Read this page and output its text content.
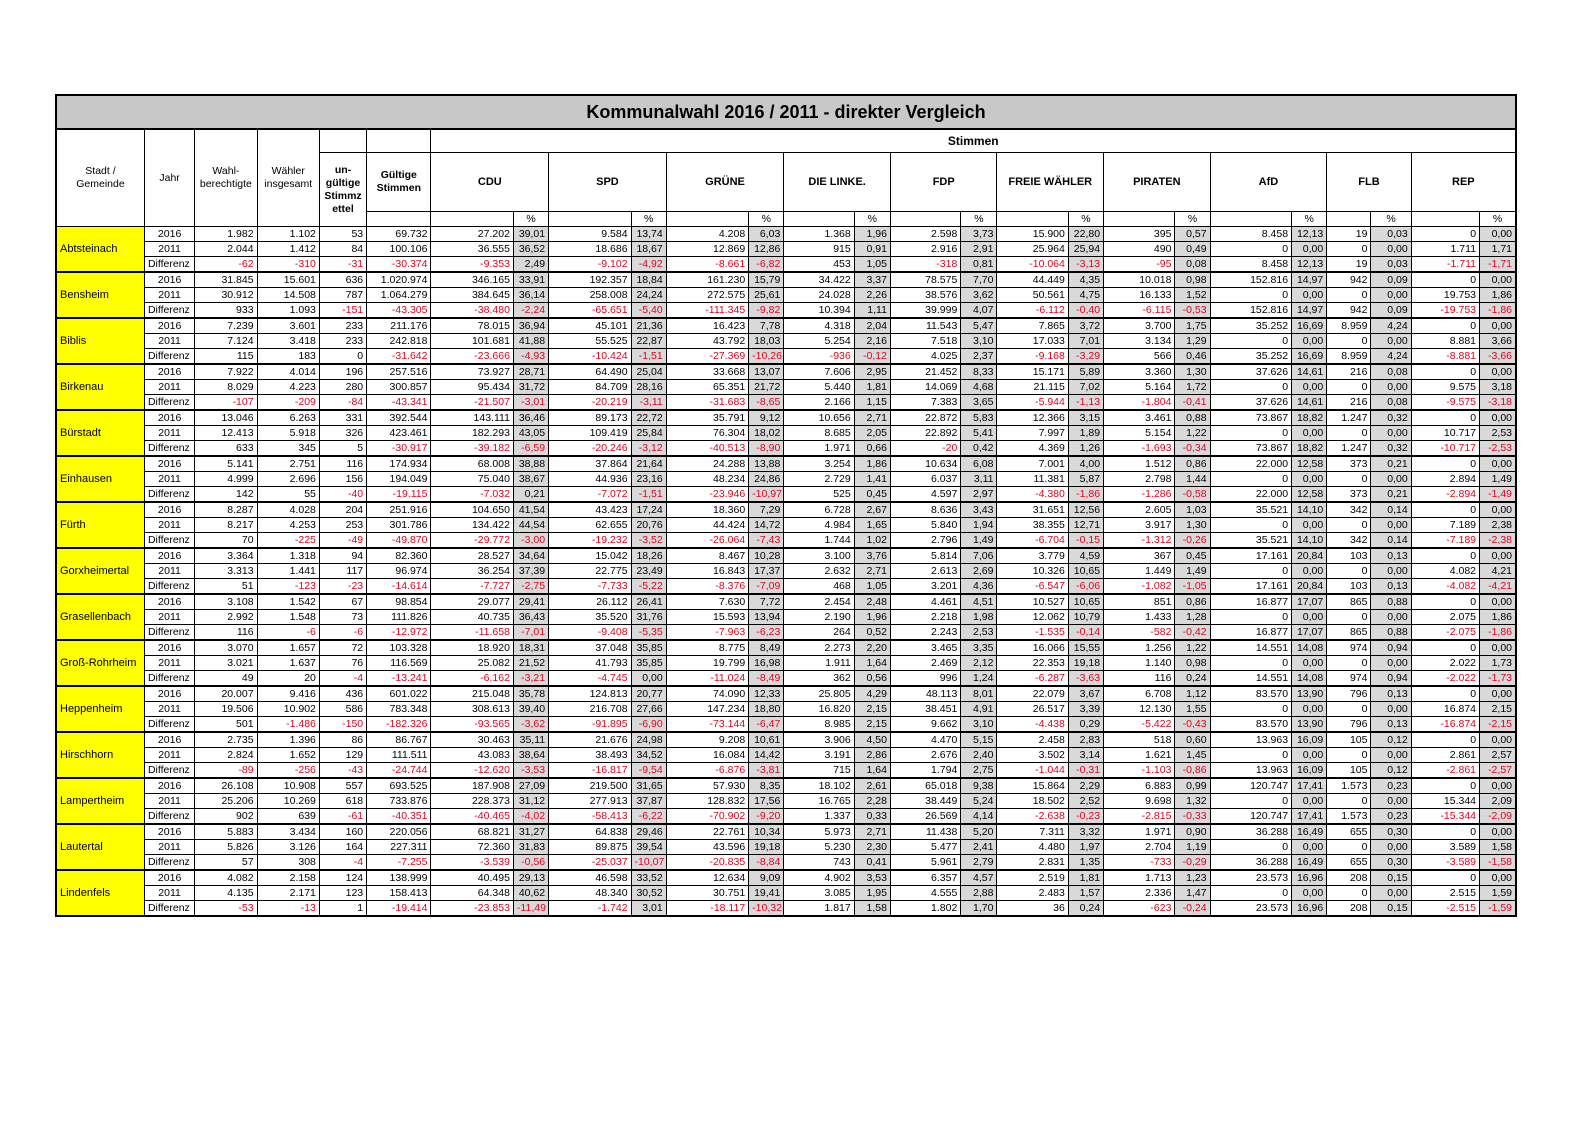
Kommunalwahl 2016 / 2011 - direkter Vergleich																									
Stadt / Gemeinde	Jahr	Wahl-berechtigte	Wähler insgesamt			Stimmen																			
				un-gültige Stimmz ettel	Gültige Stimmen	CDU		SPD		GRÜNE		DIE LINKE.		FDP		FREIE WÄHLER		PIRATEN		AfD		FLB		REP	
							%		%		%		%		%		%		%		%		%		%
Abtsteinach	2016	1.982	1.102	53	69.732	27.202	39,01	9.584	13,74	4.208	6,03	1.368	1,96	2.598	3,73	15.900	22,80	395	0,57	8.458	12,13	19	0,03	0	0,00
	2011	2.044	1.412	84	100.106	36.555	36,52	18.686	18,67	12.869	12,86	915	0,91	2.916	2,91	25.964	25,94	490	0,49	0	0,00	0	0,00	1.711	1,71
	Differenz	-62	-310	-31	-30.374	-9.353	2,49	-9.102	-4,92	-8.661	-6,82	453	1,05	-318	0,81	-10.064	-3,13	-95	0,08	8.458	12,13	19	0,03	-1.711	-1,71
Bensheim	2016	31.845	15.601	636	1.020.974	346.165	33,91	192.357	18,84	161.230	15,79	34.422	3,37	78.575	7,70	44.449	4,35	10.018	0,98	152.816	14,97	942	0,09	0	0,00
	2011	30.912	14.508	787	1.064.279	384.645	36,14	258.008	24,24	272.575	25,61	24.028	2,26	38.576	3,62	50.561	4,75	16.133	1,52	0	0,00	0	0,00	19.753	1,86
	Differenz	933	1.093	-151	-43.305	-38.480	-2,24	-65.651	-5,40	-111.345	-9,82	10.394	1,11	39.999	4,07	-6.112	-0,40	-6.115	-0,53	152.816	14,97	942	0,09	-19.753	-1,86
Biblis	2016	7.239	3.601	233	211.176	78.015	36,94	45.101	21,36	16.423	7,78	4.318	2,04	11.543	5,47	7.865	3,72	3.700	1,75	35.252	16,69	8.959	4,24	0	0,00
	2011	7.124	3.418	233	242.818	101.681	41,88	55.525	22,87	43.792	18,03	5.254	2,16	7.518	3,10	17.033	7,01	3.134	1,29	0	0,00	0	0,00	8.881	3,66
	Differenz	115	183	0	-31.642	-23.666	-4,93	-10.424	-1,51	-27.369	-10,26	-936	-0,12	4.025	2,37	-9.168	-3,29	566	0,46	35.252	16,69	8.959	4,24	-8.881	-3,66
Birkenau	2016	7.922	4.014	196	257.516	73.927	28,71	64.490	25,04	33.668	13,07	7.606	2,95	21.452	8,33	15.171	5,89	3.360	1,30	37.626	14,61	216	0,08	0	0,00
	2011	8.029	4.223	280	300.857	95.434	31,72	84.709	28,16	65.351	21,72	5.440	1,81	14.069	4,68	21.115	7,02	5.164	1,72	0	0,00	0	0,00	9.575	3,18
	Differenz	-107	-209	-84	-43.341	-21.507	-3,01	-20.219	-3,11	-31.683	-8,65	2.166	1,15	7.383	3,65	-5.944	-1,13	-1.804	-0,41	37.626	14,61	216	0,08	-9.575	-3,18
Bürstadt	2016	13.046	6.263	331	392.544	143.111	36,46	89.173	22,72	35.791	9,12	10.656	2,71	22.872	5,83	12.366	3,15	3.461	0,88	73.867	18,82	1.247	0,32	0	0,00
	2011	12.413	5.918	326	423.461	182.293	43,05	109.419	25,84	76.304	18,02	8.685	2,05	22.892	5,41	7.997	1,89	5.154	1,22	0	0,00	0	0,00	10.717	2,53
	Differenz	633	345	5	-30.917	-39.182	-6,59	-20.246	-3,12	-40.513	-8,90	1.971	0,66	-20	0,42	4.369	1,26	-1.693	-0,34	73.867	18,82	1.247	0,32	-10.717	-2,53
Einhausen	2016	5.141	2.751	116	174.934	68.008	38,88	37.864	21,64	24.288	13,88	3.254	1,86	10.634	6,08	7.001	4,00	1.512	0,86	22.000	12,58	373	0,21	0	0,00
	2011	4.999	2.696	156	194.049	75.040	38,67	44.936	23,16	48.234	24,86	2.729	1,41	6.037	3,11	11.381	5,87	2.798	1,44	0	0,00	0	0,00	2.894	1,49
	Differenz	142	55	-40	-19.115	-7.032	0,21	-7.072	-1,51	-23.946	-10,97	525	0,45	4.597	2,97	-4.380	-1,86	-1.286	-0,58	22.000	12,58	373	0,21	-2.894	-1,49
Fürth	2016	8.287	4.028	204	251.916	104.650	41,54	43.423	17,24	18.360	7,29	6.728	2,67	8.636	3,43	31.651	12,56	2.605	1,03	35.521	14,10	342	0,14	0	0,00
	2011	8.217	4.253	253	301.786	134.422	44,54	62.655	20,76	44.424	14,72	4.984	1,65	5.840	1,94	38.355	12,71	3.917	1,30	0	0,00	0	0,00	7.189	2,38
	Differenz	70	-225	-49	-49.870	-29.772	-3,00	-19.232	-3,52	-26.064	-7,43	1.744	1,02	2.796	1,49	-6.704	-0,15	-1.312	-0,26	35.521	14,10	342	0,14	-7.189	-2,38
Gorxheimertal	2016	3.364	1.318	94	82.360	28.527	34,64	15.042	18,26	8.467	10,28	3.100	3,76	5.814	7,06	3.779	4,59	367	0,45	17.161	20,84	103	0,13	0	0,00
	2011	3.313	1.441	117	96.974	36.254	37,39	22.775	23,49	16.843	17,37	2.632	2,71	2.613	2,69	10.326	10,65	1.449	1,49	0	0,00	0	0,00	4.082	4,21
	Differenz	51	-123	-23	-14.614	-7.727	-2,75	-7.733	-5,22	-8.376	-7,09	468	1,05	3.201	4,36	-6.547	-6,06	-1.082	-1,05	17.161	20,84	103	0,13	-4.082	-4,21
Grasellenbach	2016	3.108	1.542	67	98.854	29.077	29,41	26.112	26,41	7.630	7,72	2.454	2,48	4.461	4,51	10.527	10,65	851	0,86	16.877	17,07	865	0,88	0	0,00
	2011	2.992	1.548	73	111.826	40.735	36,43	35.520	31,76	15.593	13,94	2.190	1,96	2.218	1,98	12.062	10,79	1.433	1,28	0	0,00	0	0,00	2.075	1,86
	Differenz	116	-6	-6	-12.972	-11.658	-7,01	-9.408	-5,35	-7.963	-6,23	264	0,52	2.243	2,53	-1.535	-0,14	-582	-0,42	16.877	17,07	865	0,88	-2.075	-1,86
Groß-Rohrheim	2016	3.070	1.657	72	103.328	18.920	18,31	37.048	35,85	8.775	8,49	2.273	2,20	3.465	3,35	16.066	15,55	1.256	1,22	14.551	14,08	974	0,94	0	0,00
	2011	3.021	1.637	76	116.569	25.082	21,52	41.793	35,85	19.799	16,98	1.911	1,64	2.469	2,12	22.353	19,18	1.140	0,98	0	0,00	0	0,00	2.022	1,73
	Differenz	49	20	-4	-13.241	-6.162	-3,21	-4.745	0,00	-11.024	-8,49	362	0,56	996	1,24	-6.287	-3,63	116	0,24	14.551	14,08	974	0,94	-2.022	-1,73
Heppenheim	2016	20.007	9.416	436	601.022	215.048	35,78	124.813	20,77	74.090	12,33	25.805	4,29	48.113	8,01	22.079	3,67	6.708	1,12	83.570	13,90	796	0,13	0	0,00
	2011	19.506	10.902	586	783.348	308.613	39,40	216.708	27,66	147.234	18,80	16.820	2,15	38.451	4,91	26.517	3,39	12.130	1,55	0	0,00	0	0,00	16.874	2,15
	Differenz	501	-1.486	-150	-182.326	-93.565	-3,62	-91.895	-6,90	-73.144	-6,47	8.985	2,15	9.662	3,10	-4.438	0,29	-5.422	-0,43	83.570	13,90	796	0,13	-16.874	-2,15
Hirschhorn	2016	2.735	1.396	86	86.767	30.463	35,11	21.676	24,98	9.208	10,61	3.906	4,50	4.470	5,15	2.458	2,83	518	0,60	13.963	16,09	105	0,12	0	0,00
	2011	2.824	1.652	129	111.511	43.083	38,64	38.493	34,52	16.084	14,42	3.191	2,86	2.676	2,40	3.502	3,14	1.621	1,45	0	0,00	0	0,00	2.861	2,57
	Differenz	-89	-256	-43	-24.744	-12.620	-3,53	-16.817	-9,54	-6.876	-3,81	715	1,64	1.794	2,75	-1.044	-0,31	-1.103	-0,86	13.963	16,09	105	0,12	-2.861	-2,57
Lampertheim	2016	26.108	10.908	557	693.525	187.908	27,09	219.500	31,65	57.930	8,35	18.102	2,61	65.018	9,38	15.864	2,29	6.883	0,99	120.747	17,41	1.573	0,23	0	0,00
	2011	25.206	10.269	618	733.876	228.373	31,12	277.913	37,87	128.832	17,56	16.765	2,28	38.449	5,24	18.502	2,52	9.698	1,32	0	0,00	0	0,00	15.344	2,09
	Differenz	902	639	-61	-40.351	-40.465	-4,02	-58.413	-6,22	-70.902	-9,20	1.337	0,33	26.569	4,14	-2.638	-0,23	-2.815	-0,33	120.747	17,41	1.573	0,23	-15.344	-2,09
Lautertal	2016	5.883	3.434	160	220.056	68.821	31,27	64.838	29,46	22.761	10,34	5.973	2,71	11.438	5,20	7.311	3,32	1.971	0,90	36.288	16,49	655	0,30	0	0,00
	2011	5.826	3.126	164	227.311	72.360	31,83	89.875	39,54	43.596	19,18	5.230	2,30	5.477	2,41	4.480	1,97	2.704	1,19	0	0,00	0	0,00	3.589	1,58
	Differenz	57	308	-4	-7.255	-3.539	-0,56	-25.037	-10,07	-20.835	-8,84	743	0,41	5.961	2,79	2.831	1,35	-733	-0,29	36.288	16,49	655	0,30	-3.589	-1,58
Lindenfels	2016	4.082	2.158	124	138.999	40.495	29,13	46.598	33,52	12.634	9,09	4.902	3,53	6.357	4,57	2.519	1,81	1.713	1,23	23.573	16,96	208	0,15	0	0,00
	2011	4.135	2.171	123	158.413	64.348	40,62	48.340	30,52	30.751	19,41	3.085	1,95	4.555	2,88	2.483	1,57	2.336	1,47	0	0,00	0	0,00	2.515	1,59
	Differenz	-53	-13	1	-19.414	-23.853	-11,49	-1.742	3,01	-18.117	-10,32	1.817	1,58	1.802	1,70	36	0,24	-623	-0,24	23.573	16,96	208	0,15	-2.515	-1,59
